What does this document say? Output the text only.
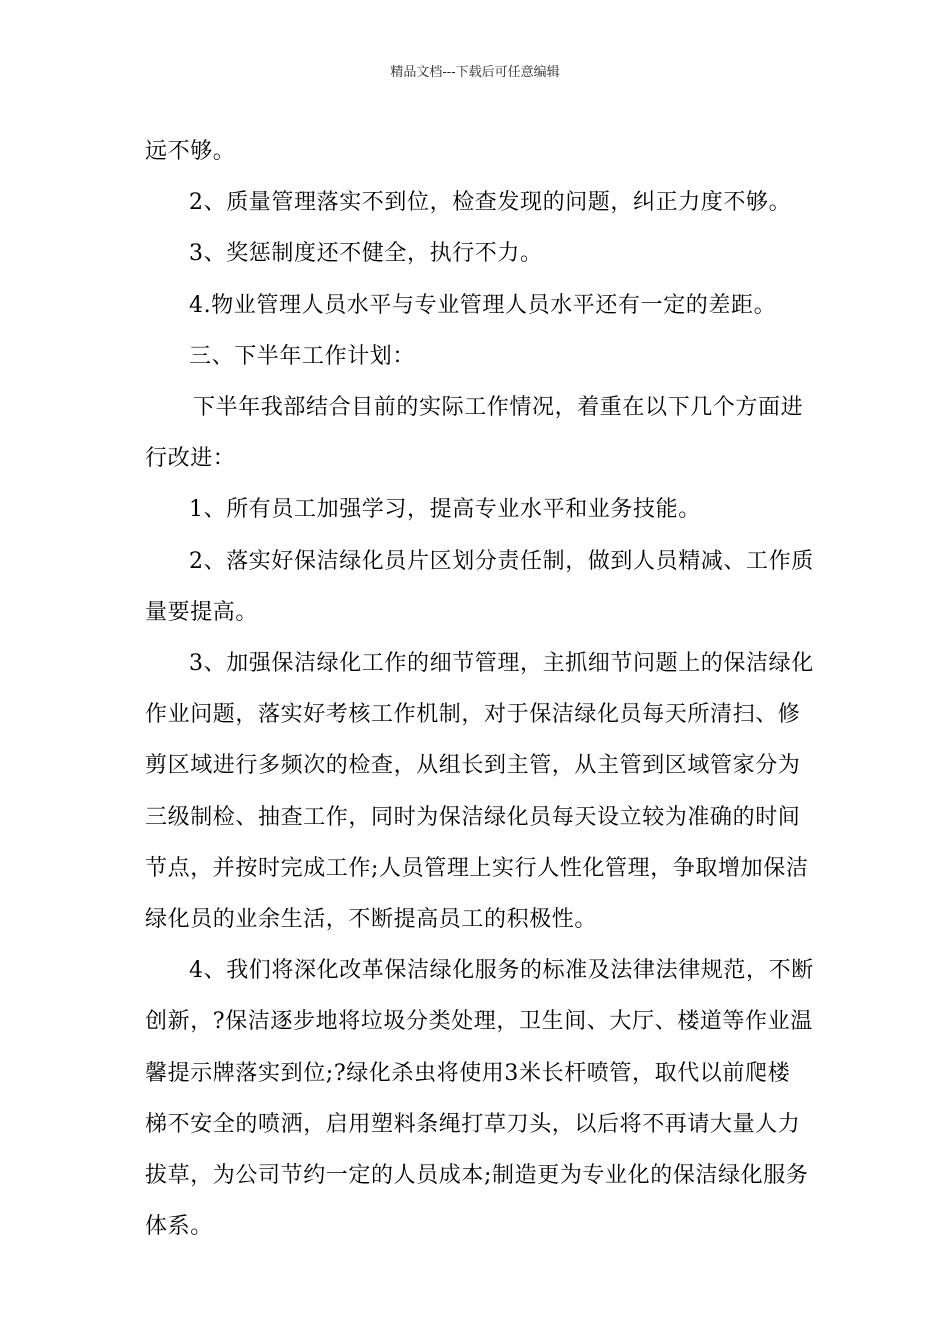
精品文档---下载后可任意编辑

远不够。

2、质量管理落实不到位，检查发现的问题，纠正力度不够。

3、奖惩制度还不健全，执行不力。

4.物业管理人员水平与专业管理人员水平还有一定的差距。

三、下半年工作计划：

下半年我部结合目前的实际工作情况，着重在以下几个方面进

行改进：

1、所有员工加强学习，提高专业水平和业务技能。

2、落实好保洁绿化员片区划分责任制，做到人员精减、工作质

量要提高。

3、加强保洁绿化工作的细节管理，主抓细节问题上的保洁绿化

作业问题，落实好考核工作机制，对于保洁绿化员每天所清扫、修

剪区域进行多频次的检查，从组长到主管，从主管到区域管家分为

三级制检、抽查工作，同时为保洁绿化员每天设立较为准确的时间

节点，并按时完成工作;人员管理上实行人性化管理，争取增加保洁

绿化员的业余生活，不断提高员工的积极性。

4、我们将深化改革保洁绿化服务的标准及法律法律规范，不断

创新，?保洁逐步地将垃圾分类处理，卫生间、大厅、楼道等作业温

馨提示牌落实到位;?绿化杀虫将使用3米长杆喷管，取代以前爬楼

梯不安全的喷洒，启用塑料条绳打草刀头，以后将不再请大量人力

拔草，为公司节约一定的人员成本;制造更为专业化的保洁绿化服务

体系。
